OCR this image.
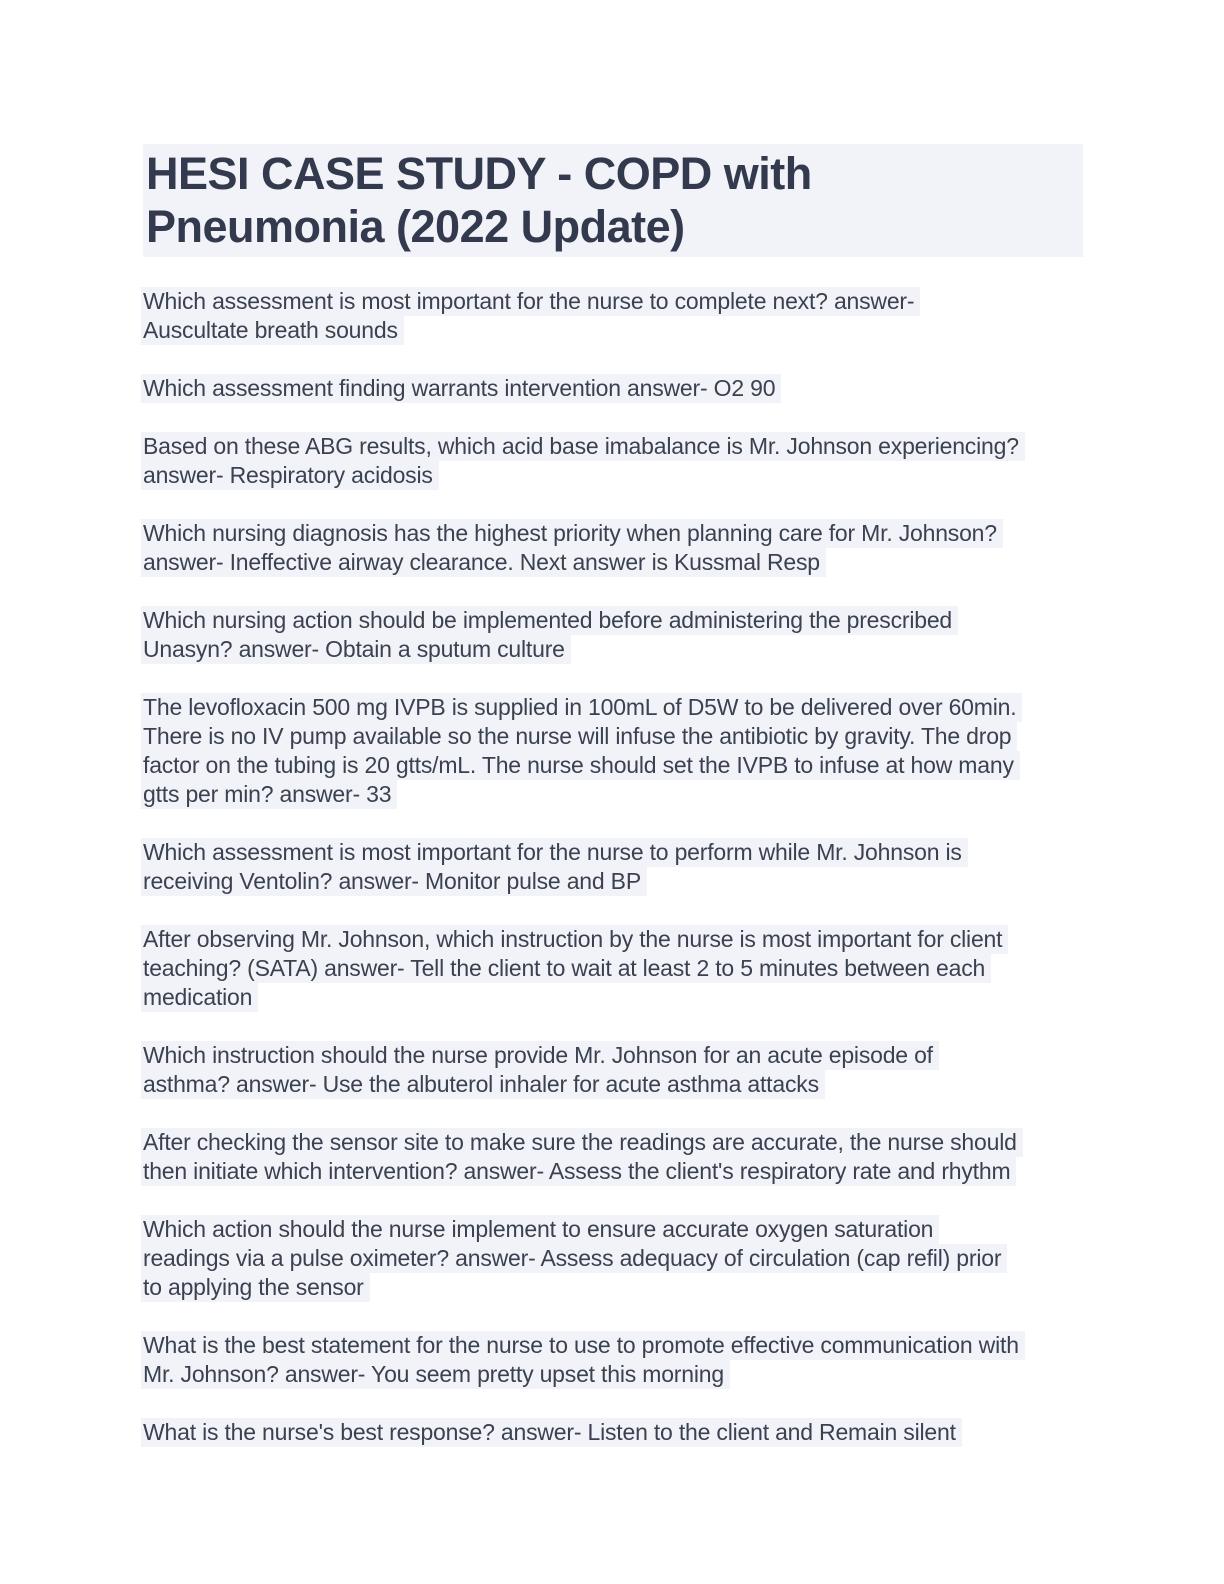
HESI CASE STUDY - COPD with
Pneumonia (2022 Update)

Which assessment is most important for the nurse to complete next? answer-
Auscultate breath sounds

Which assessment finding warrants intervention answer- O2 90

Based on these ABG results, which acid base imabalance is Mr. Johnson experiencing?
answer- Respiratory acidosis

Which nursing diagnosis has the highest priority when planning care for Mr. Johnson?
answer- Ineffective airway clearance. Next answer is Kussmal Resp

Which nursing action should be implemented before administering the prescribed
Unasyn? answer- Obtain a sputum culture

The levofloxacin 500 mg IVPB is supplied in 100mL of D5W to be delivered over 60min.
There is no IV pump available so the nurse will infuse the antibiotic by gravity. The drop
factor on the tubing is 20 gtts/mL. The nurse should set the IVPB to infuse at how many
gtts per min? answer- 33

Which assessment is most important for the nurse to perform while Mr. Johnson is
receiving Ventolin? answer- Monitor pulse and BP

After observing Mr. Johnson, which instruction by the nurse is most important for client
teaching? (SATA) answer- Tell the client to wait at least 2 to 5 minutes between each
medication

Which instruction should the nurse provide Mr. Johnson for an acute episode of
asthma? answer- Use the albuterol inhaler for acute asthma attacks

After checking the sensor site to make sure the readings are accurate, the nurse should
then initiate which intervention? answer- Assess the client's respiratory rate and rhythm

Which action should the nurse implement to ensure accurate oxygen saturation
readings via a pulse oximeter? answer- Assess adequacy of circulation (cap refil) prior
to applying the sensor

What is the best statement for the nurse to use to promote effective communication with
Mr. Johnson? answer- You seem pretty upset this morning

What is the nurse's best response? answer- Listen to the client and Remain silent
